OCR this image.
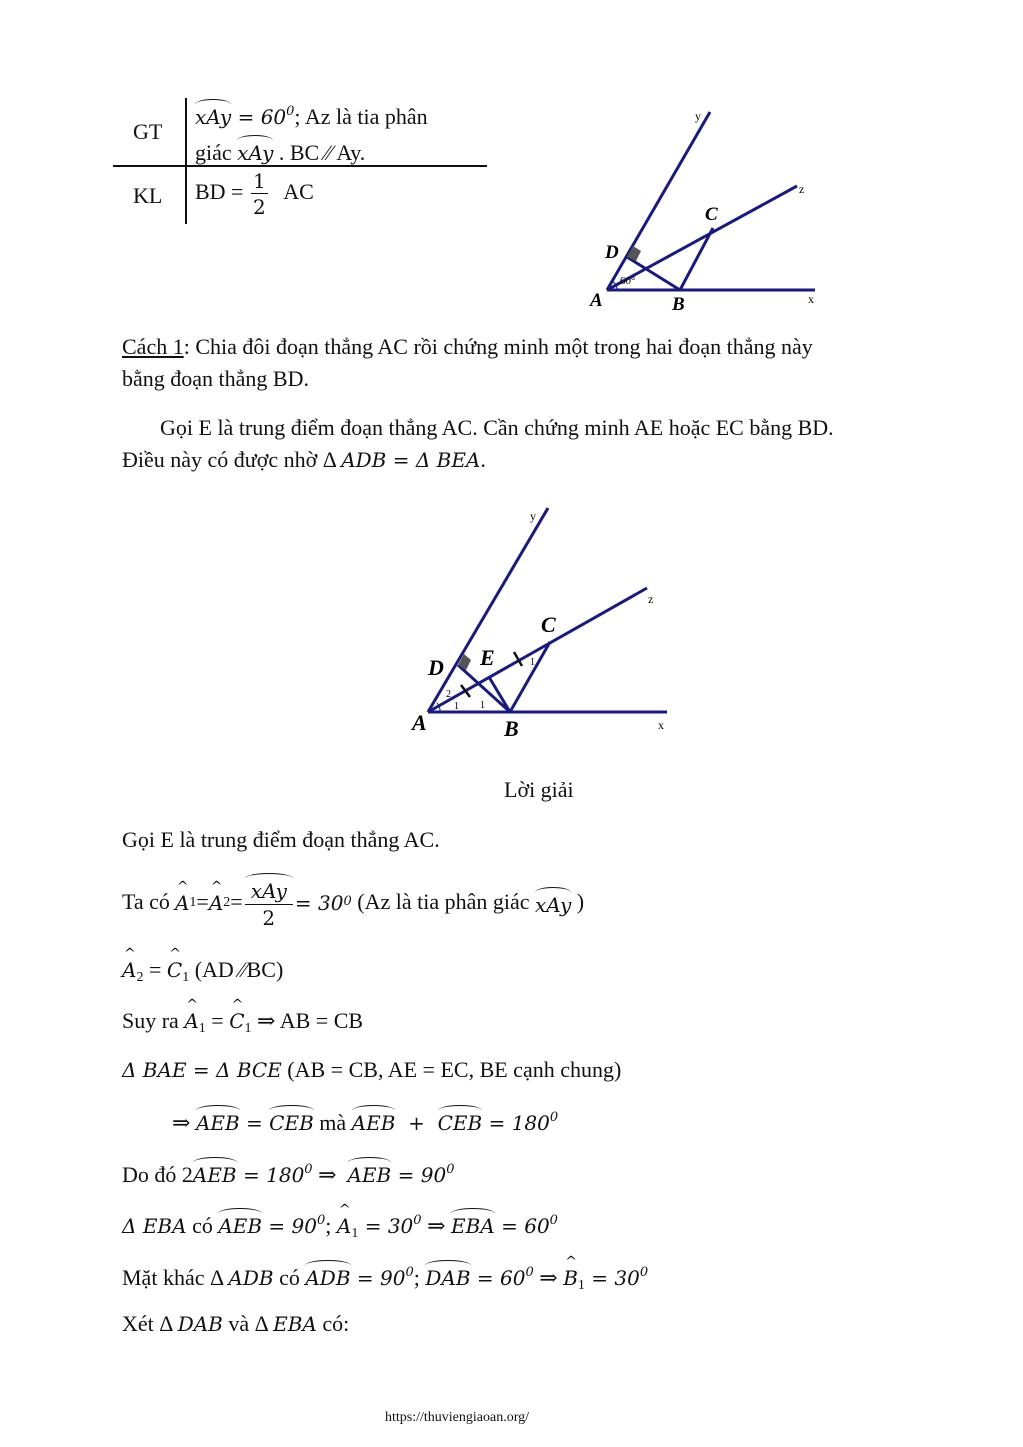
GT
KL
xAy = $60^0$; Az là tia phân
giác xAy . BC ⁄⁄ Ay.
BD = $\frac{1}{2}$ AC
y
z
x
A	B
C
D
60°
Cách 1: Chia đôi đoạn thẳng AC rồi chứng minh một trong hai đoạn thẳng này
bằng đoạn thẳng BD.
Gọi E là trung điểm đoạn thẳng AC. Cần chứng minh AE hoặc EC bằng BD.
Điều này có được nhờ Δ ADB = Δ BEA.
y
z
x
A	B
C
D E
1
2
1
1
Lời giải
Gọi E là trung điểm đoạn thẳng AC.
Ta có ^ A 1 = ^ A $2 = \frac{\text{xAy}}{2} = 30$ 0 (Az là tia phân giác xAy )
^ $A_2$ = ^ $C_1$ (AD ⁄⁄BC)
Suy ra ^ $A_1$ = ^ $C_1$ ⇒ AB = CB
Δ BAE = Δ BCE (AB = CB, AE = EC, BE cạnh chung)
⇒ AEB = CEB mà AEB  +  CEB = $180^0$
Do đó $2AEB = 180^0$ ⇒  AEB = $90^0$
Δ EBA có AEB = $90^0$; ^ $A_1 = 30^0$ ⇒ EBA = $60^0$
Mặt khác Δ ADB có ADB = $90^0$; DAB = $60^0$ ⇒ ^ $B_1 = 30^0$
Xét Δ DAB và Δ EBA có:
https://thuviengiaoan.org/
